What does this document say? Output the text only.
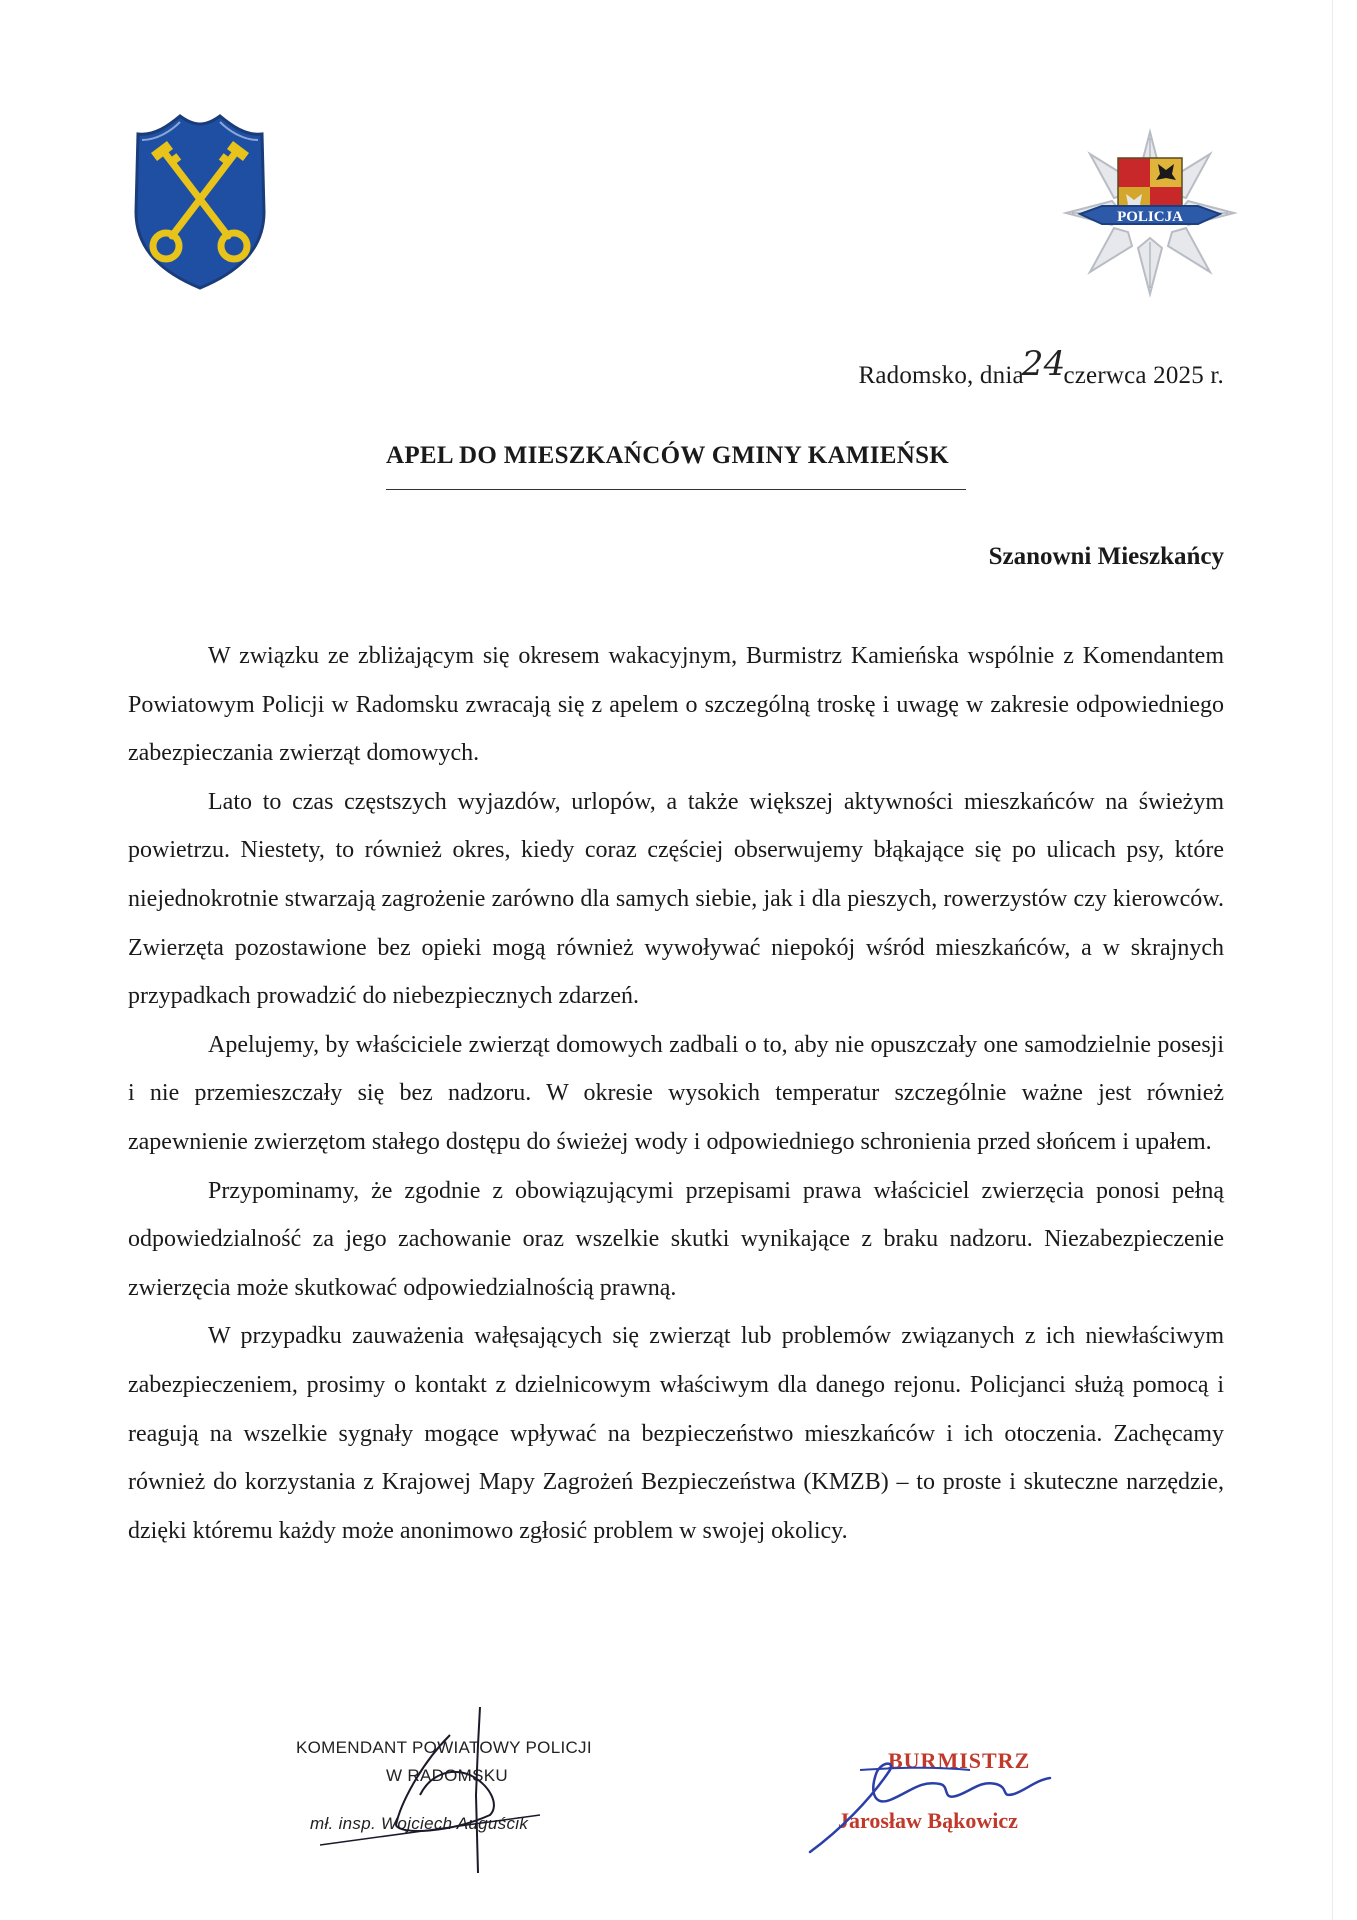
POLICJA
Radomsko, dnia24czerwca 2025 r.
APEL DO MIESZKAŃCÓW GMINY KAMIEŃSK
Szanowni Mieszkańcy

W związku ze zbliżającym się okresem wakacyjnym, Burmistrz Kamieńska wspólnie z Komendantem Powiatowym Policji w Radomsku zwracają się z apelem o szczególną troskę i uwagę w zakresie odpowiedniego zabezpieczania zwierząt domowych.

Lato to czas częstszych wyjazdów, urlopów, a także większej aktywności mieszkańców na świeżym powietrzu. Niestety, to również okres, kiedy coraz częściej obserwujemy błąkające się po ulicach psy, które niejednokrotnie stwarzają zagrożenie zarówno dla samych siebie, jak i dla pieszych, rowerzystów czy kierowców. Zwierzęta pozostawione bez opieki mogą również wywoływać niepokój wśród mieszkańców, a w skrajnych przypadkach prowadzić do niebezpiecznych zdarzeń.

Apelujemy, by właściciele zwierząt domowych zadbali o to, aby nie opuszczały one samodzielnie posesji i nie przemieszczały się bez nadzoru. W okresie wysokich temperatur szczególnie ważne jest również zapewnienie zwierzętom stałego dostępu do świeżej wody i odpowiedniego schronienia przed słońcem i upałem.

Przypominamy, że zgodnie z obowiązującymi przepisami prawa właściciel zwierzęcia ponosi pełną odpowiedzialność za jego zachowanie oraz wszelkie skutki wynikające z braku nadzoru. Niezabezpieczenie zwierzęcia może skutkować odpowiedzialnością prawną.

W przypadku zauważenia wałęsających się zwierząt lub problemów związanych z ich niewłaściwym zabezpieczeniem, prosimy o kontakt z dzielnicowym właściwym dla danego rejonu. Policjanci służą pomocą i reagują na wszelkie sygnały mogące wpływać na bezpieczeństwo mieszkańców i ich otoczenia. Zachęcamy również do korzystania z Krajowej Mapy Zagrożeń Bezpieczeństwa (KMZB) – to proste i skuteczne narzędzie, dzięki któremu każdy może anonimowo zgłosić problem w swojej okolicy.

KOMENDANT POWIATOWY POLICJI
W RADOMSKU
mł. insp. Wojciech Auguścik
BURMISTRZ
Jarosław Bąkowicz
